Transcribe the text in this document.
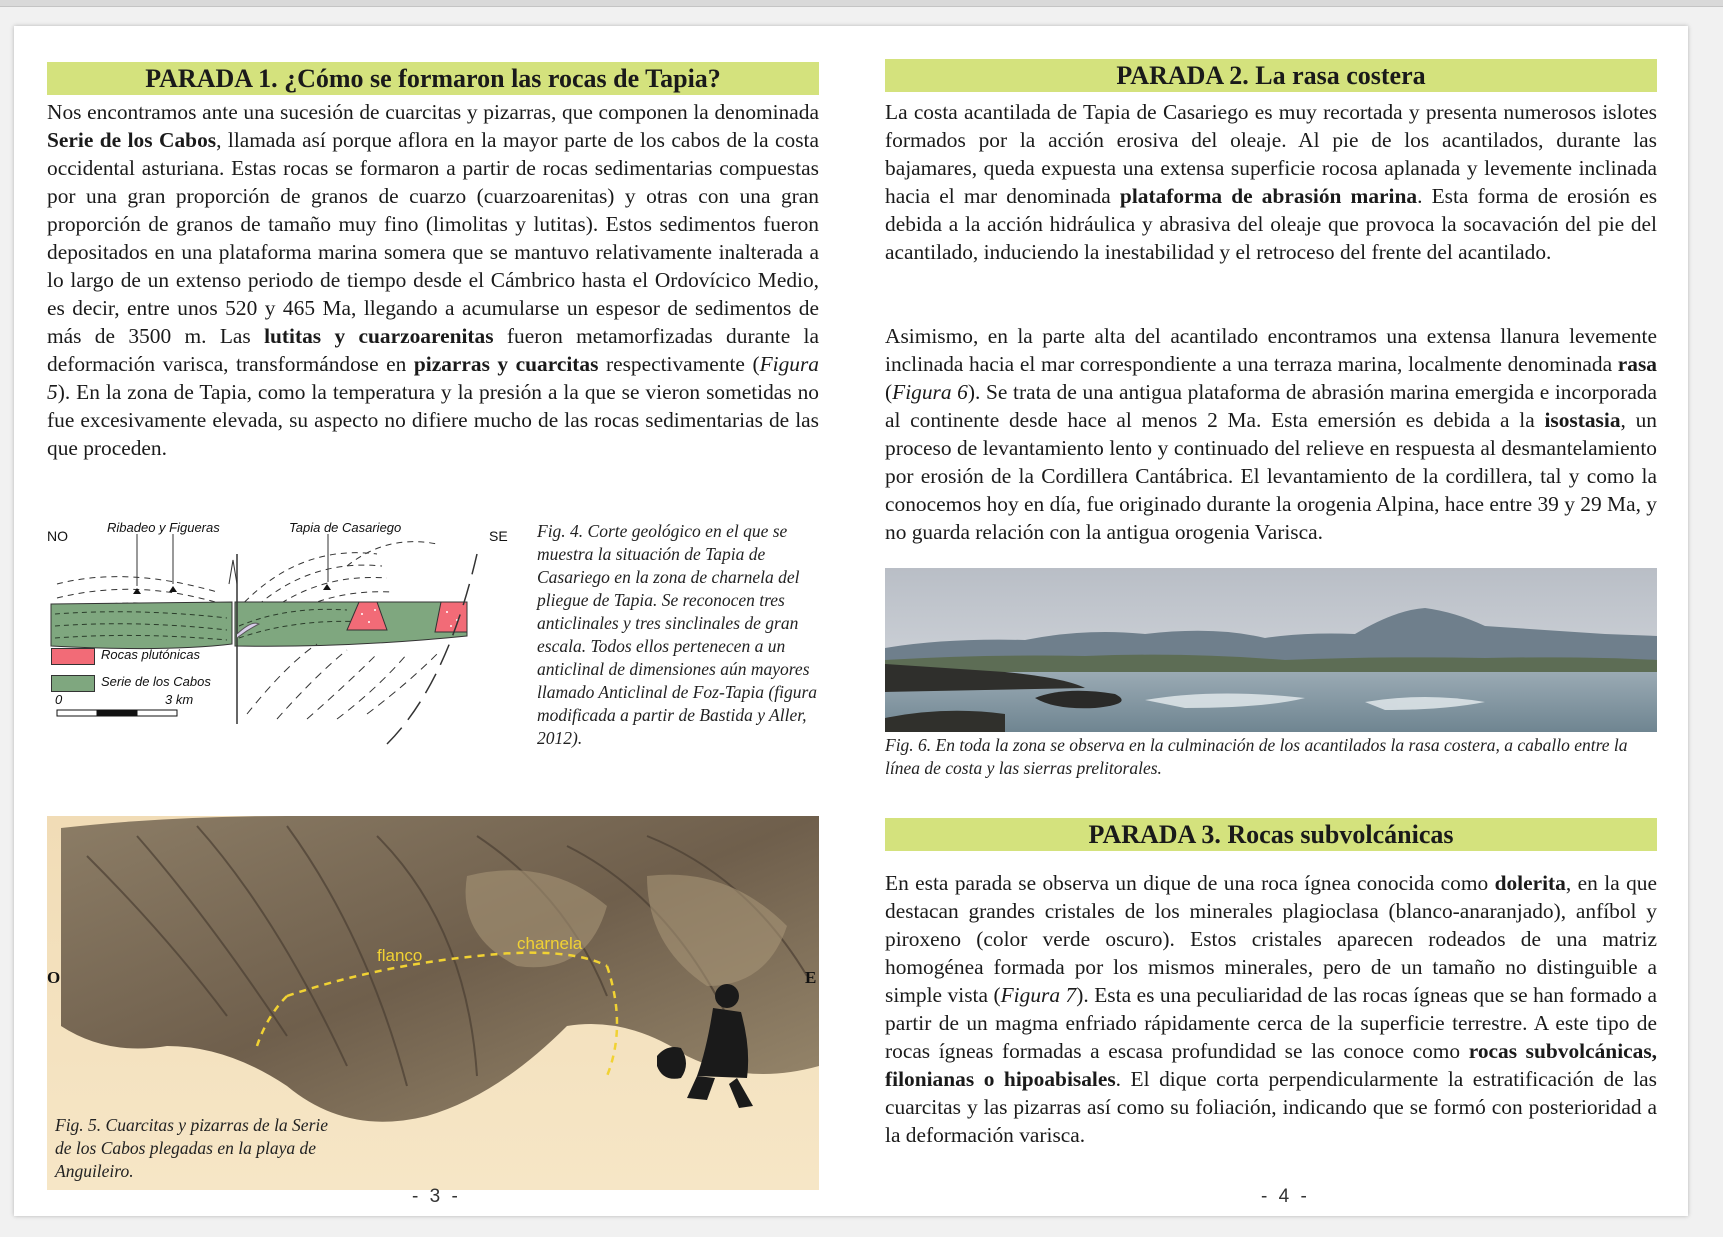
PARADA 1. ¿Cómo se formaron las rocas de Tapia?

Nos encontramos ante una sucesión de cuarcitas y pizarras, que componen la denominada Serie de los Cabos, llamada así porque aflora en la mayor parte de los cabos de la costa occidental asturiana. Estas rocas se formaron a partir de rocas sedimentarias compuestas por una gran proporción de granos de cuarzo (cuarzoarenitas) y otras con una gran proporción de granos de tamaño muy fino (limolitas y lutitas). Estos sedimentos fueron depositados en una plataforma marina somera que se mantuvo relativamente inalterada a lo largo de un extenso periodo de tiempo desde el Cámbrico hasta el Ordovícico Medio, es decir, entre unos 520 y 465 Ma, llegando a acumularse un espesor de sedimentos de más de 3500 m. Las lutitas y cuarzoarenitas fueron metamorfizadas durante la deformación varisca, transformándose en pizarras y cuarcitas respectivamente (Figura 5). En la zona de Tapia, como la temperatura y la presión a la que se vieron sometidas no fue excesivamente elevada, su aspecto no difiere mucho de las rocas sedimentarias de las que proceden.

NO
Ribadeo y Figueras	Tapia de Casariego
SE
Rocas plutónicas
Serie de los Cabos
0	3 km
Fig. 4. Corte geológico en el que se muestra la situación de Tapia de Casariego en la zona de charnela del pliegue de Tapia. Se reconocen tres anticlinales y tres sinclinales de gran escala. Todos ellos pertenecen a un anticlinal de dimensiones aún mayores llamado Anticlinal de Foz-Tapia (figura modificada a partir de Bastida y Aller, 2012).
O	E
flanco
charnela
Fig. 5. Cuarcitas y pizarras de la Serie de los Cabos plegadas en la playa de Anguileiro.
- 3 -
PARADA 2. La rasa costera

La costa acantilada de Tapia de Casariego es muy recortada y presenta numerosos islotes formados por la acción erosiva del oleaje. Al pie de los acantilados, durante las bajamares, queda expuesta una extensa superficie rocosa aplanada y levemente inclinada hacia el mar denominada plataforma de abrasión marina. Esta forma de erosión es debida a la acción hidráulica y abrasiva del oleaje que provoca la socavación del pie del acantilado, induciendo la inestabilidad y el retroceso del frente del acantilado.

Asimismo, en la parte alta del acantilado encontramos una extensa llanura levemente inclinada hacia el mar correspondiente a una terraza marina, localmente denominada rasa (Figura 6). Se trata de una antigua plataforma de abrasión marina emergida e incorporada al continente desde hace al menos 2 Ma. Esta emersión es debida a la isostasia, un proceso de levantamiento lento y continuado del relieve en respuesta al desmantelamiento por erosión de la Cordillera Cantábrica. El levantamiento de la cordillera, tal y como la conocemos hoy en día, fue originado durante la orogenia Alpina, hace entre 39 y 29 Ma, y no guarda relación con la antigua orogenia Varisca.

Fig. 6. En toda la zona se observa en la culminación de los acantilados la rasa costera, a caballo entre la línea de costa y las sierras prelitorales.
PARADA 3. Rocas subvolcánicas

En esta parada se observa un dique de una roca ígnea conocida como dolerita, en la que destacan grandes cristales de los minerales plagioclasa (blanco-anaranjado), anfíbol y piroxeno (color verde oscuro). Estos cristales aparecen rodeados de una matriz homogénea formada por los mismos minerales, pero de un tamaño no distinguible a simple vista (Figura 7). Esta es una peculiaridad de las rocas ígneas que se han formado a partir de un magma enfriado rápidamente cerca de la superficie terrestre. A este tipo de rocas ígneas formadas a escasa profundidad se las conoce como rocas subvolcánicas, filonianas o hipoabisales. El dique corta perpendicularmente la estratificación de las cuarcitas y las pizarras así como su foliación, indicando que se formó con posterioridad a la deformación varisca.

- 4 -
